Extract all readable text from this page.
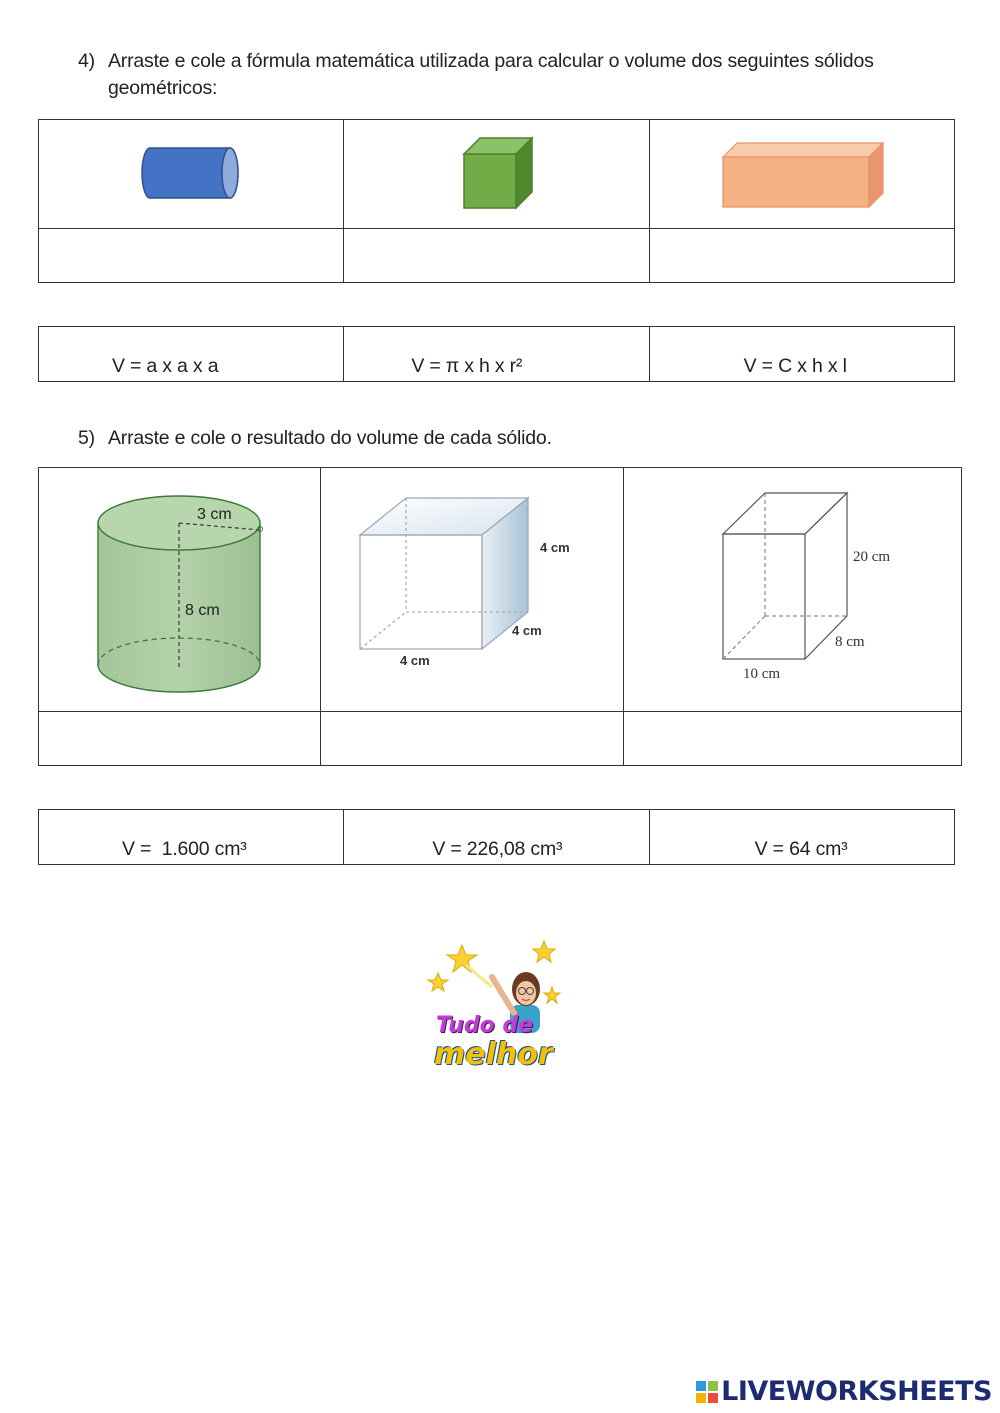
4) Arraste e cole a fórmula matemática utilizada para calcular o volume dos seguintes sólidos geométricos:

V = a x a x a	V = π x h x r²	V = C x h x l
5) Arraste e cole o resultado do volume de cada sólido.
3 cm
8 cm	4 cm
4 cm
4 cm	20 cm
8 cm
10 cm

V =  1.600 cm³	V = 226,08 cm³	V = 64 cm³
Tudo de
melhor
LIVEWORKSHEETS
